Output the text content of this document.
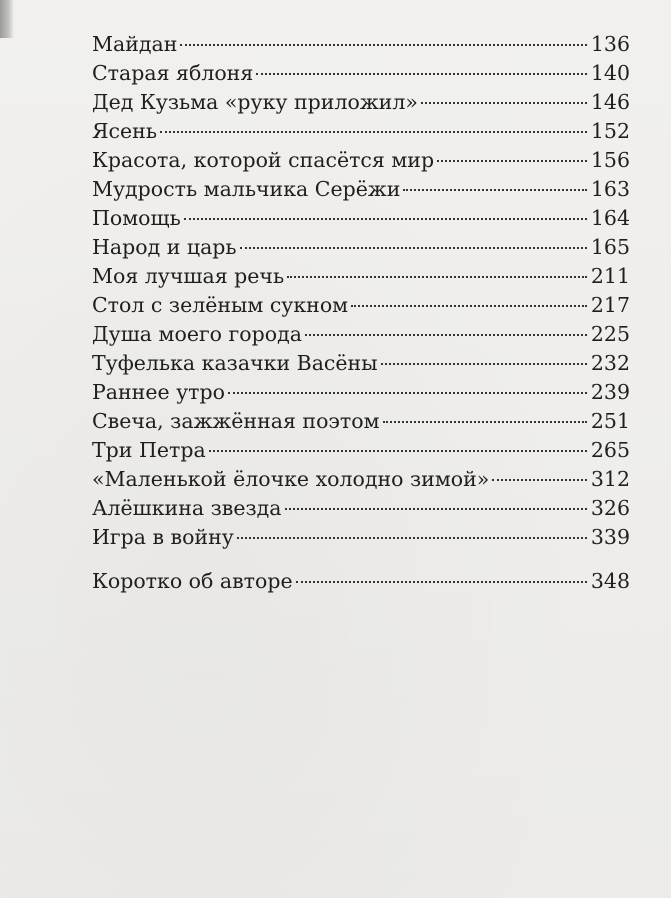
Майдан	136
Старая яблоня	140
Дед Кузьма «руку приложил»	146
Ясень	152
Красота, которой спасётся мир	156
Мудрость мальчика Серёжи	163
Помощь	164
Народ и царь	165
Моя лучшая речь	211
Стол с зелёным сукном	217
Душа моего города	225
Туфелька казачки Васёны	232
Раннее утро	239
Свеча, зажжённая поэтом	251
Три Петра	265
«Маленькой ёлочке холодно зимой»	312
Алёшкина звезда	326
Игра в войну	339
Коротко об авторе	348
